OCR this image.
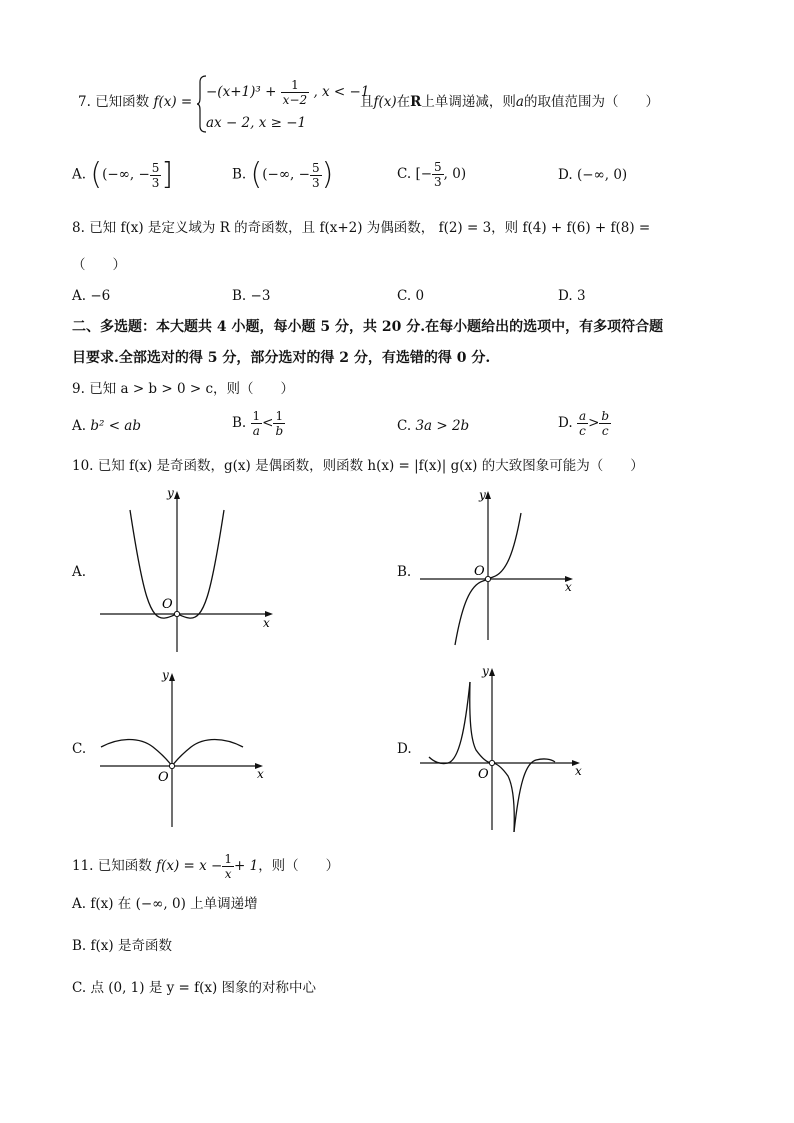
7. 已知函数 f(x) =
$-(x+1)^3 + \frac{1}{x-2}$ , x < −1
ax − 2, x ≥ −1
且f(x)在R上单调递减，则a的取值范围为（　　）
A. ((−∞, − $\frac{5}{3}$ ]	B. ((−∞, − $\frac{5}{3}$ )	C. [− $\frac{5}{3}$ , 0)	D. (−∞, 0)
8. 已知 f(x) 是定义域为 R 的奇函数，且 f(x+2) 为偶函数， f(2) = 3，则 f(4) + f(6) + f(8) =
（　　）
A. −6	B. −3	C. 0	D. 3
二、多选题：本大题共 4 小题，每小题 5 分，共 20 分.在每小题给出的选项中，有多项符合题
目要求.全部选对的得 5 分，部分选对的得 2 分，有选错的得 0 分.
9. 已知 a > b > 0 > c，则（　　）
A. b² < ab	B. $\frac{1}{a} < \frac{1}{b}$	C. 3a > 2b	D. $\frac{a}{c} > \frac{b}{c}$
10. 已知 f(x) 是奇函数，g(x) 是偶函数，则函数 h(x) = |f(x)| g(x) 的大致图象可能为（　　）
A.
O
x
y
B.	O
x
y
C.
O	x
y
D.
O	x
y
11. 已知函数 $f(x) = x - \frac{1}{x} + 1$，则（　　）
A. f(x) 在 (−∞, 0) 上单调递增
B. f(x) 是奇函数
C. 点 (0, 1) 是 y = f(x) 图象的对称中心
